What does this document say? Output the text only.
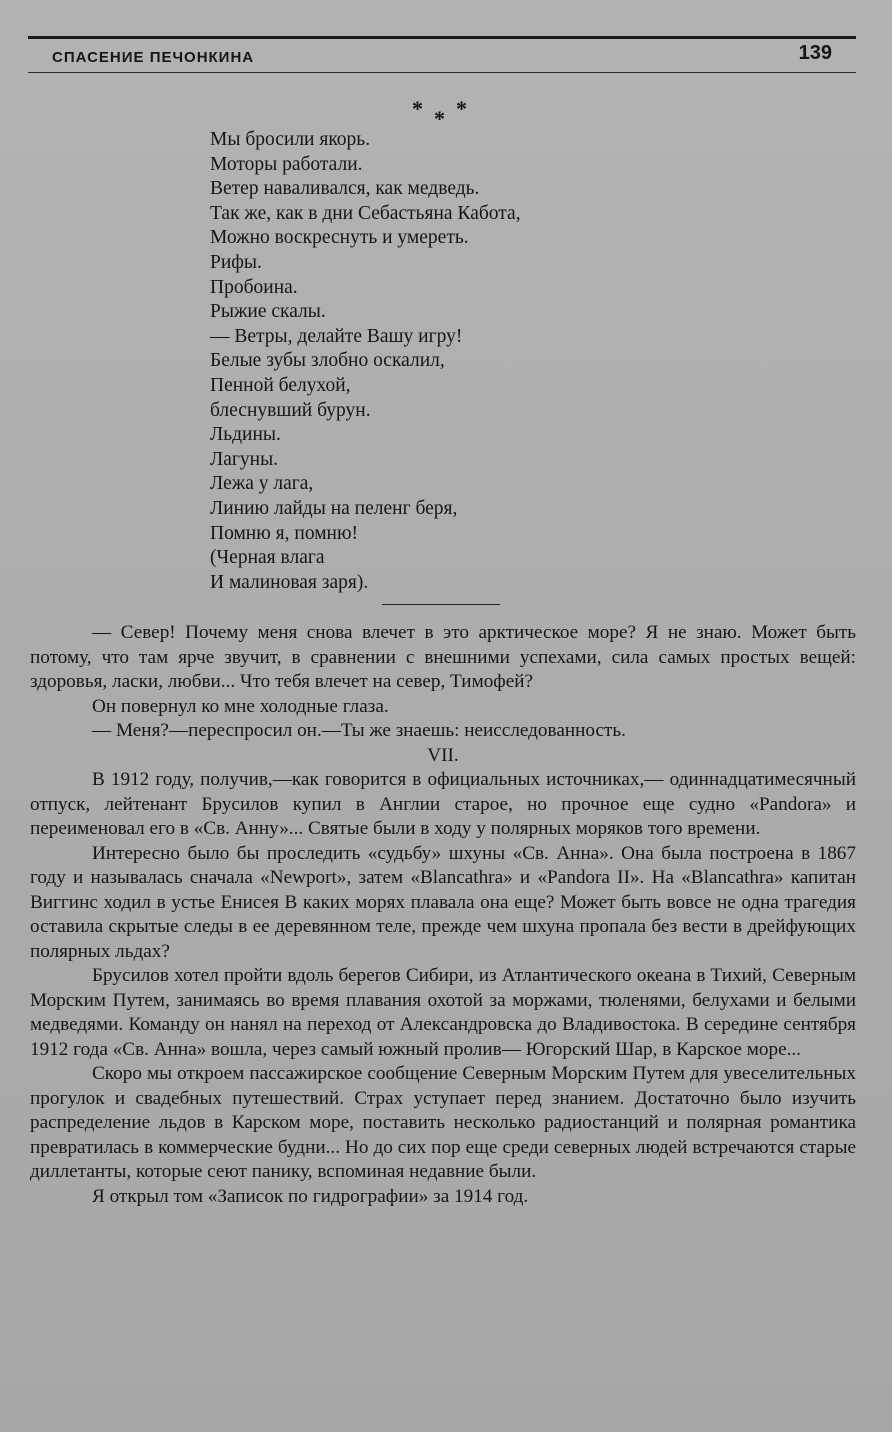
СПАСЕНИЕ ПЕЧОНКИНА	139
* * *
Мы бросили якорь.
Моторы работали.
Ветер наваливался, как медведь.
Так же, как в дни Себастьяна Кабота,
Можно воскреснуть и умереть.
Рифы.
Пробоина.
Рыжие скалы.
— Ветры, делайте Вашу игру!
Белые зубы злобно оскалил,
Пенной белухой,
блеснувший бурун.
Льдины.
Лагуны.
Лежа у лага,
Линию лайды на пеленг беря,
Помню я, помню!
(Черная влага
И малиновая заря).

— Север! Почему меня снова влечет в это арктическое море? Я не знаю. Может быть потому, что там ярче звучит, в сравнении с внешними успехами, сила самых простых вещей: здоровья, ласки, любви... Что тебя влечет на север, Тимофей?

Он повернул ко мне холодные глаза.

— Меня?—переспросил он.—Ты же знаешь: неисследованность.

VII.

В 1912 году, получив,—как говорится в официальных источниках,— одиннадцатимесячный отпуск, лейтенант Брусилов купил в Англии старое, но прочное еще судно «Pandora» и переименовал его в «Св. Анну»... Святые были в ходу у полярных моряков того времени.

Интересно было бы проследить «судьбу» шхуны «Св. Анна». Она была построена в 1867 году и называлась сначала «Newport», затем «Blancathra» и «Pandora II». На «Blancathra» капитан Виггинс ходил в устье Енисея В каких морях плавала она еще? Может быть вовсе не одна трагедия оставила скрытые следы в ее деревянном теле, прежде чем шхуна пропала без вести в дрейфующих полярных льдах?

Брусилов хотел пройти вдоль берегов Сибири, из Атлантического океана в Тихий, Северным Морским Путем, занимаясь во время плавания охотой за моржами, тюленями, белухами и белыми медведями. Команду он нанял на переход от Александровска до Владивостока. В середине сентября 1912 года «Св. Анна» вошла, через самый южный пролив— Югорский Шар, в Карское море...

Скоро мы откроем пассажирское сообщение Северным Морским Путем для увеселительных прогулок и свадебных путешествий. Страх уступает перед знанием. Достаточно было изучить распределение льдов в Карском море, поставить несколько радиостанций и полярная романтика превратилась в коммерческие будни... Но до сих пор еще среди северных людей встречаются старые диллетанты, которые сеют панику, вспоминая недавние были.

Я открыл том «Записок по гидрографии» за 1914 год.
